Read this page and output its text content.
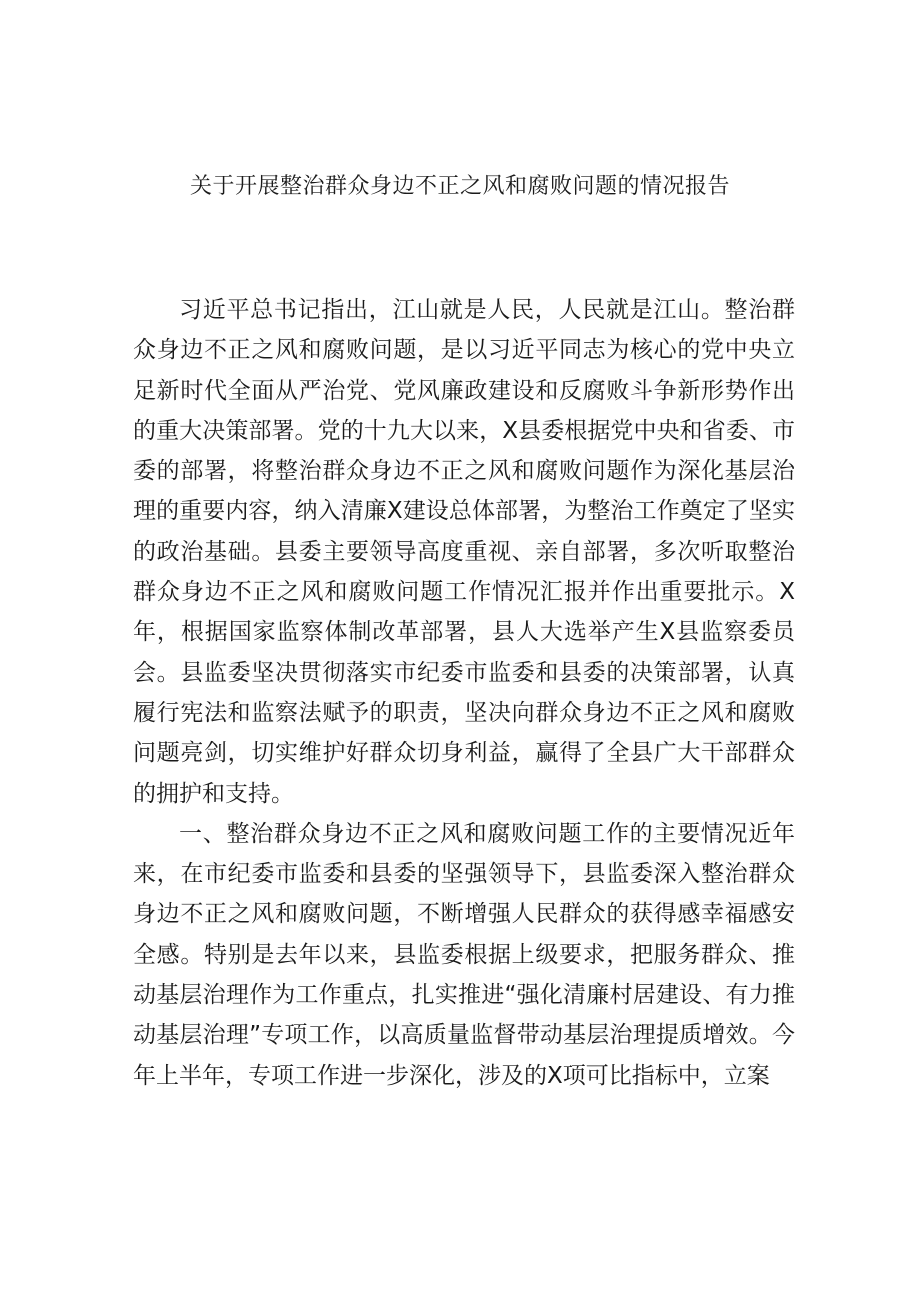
关于开展整治群众身边不正之风和腐败问题的情况报告

习近平总书记指出，江山就是人民，人民就是江山。整治群众身边不正之风和腐败问题，是以习近平同志为核心的党中央立足新时代全面从严治党、党风廉政建设和反腐败斗争新形势作出的重大决策部署。党的十九大以来，X县委根据党中央和省委、市委的部署，将整治群众身边不正之风和腐败问题作为深化基层治理的重要内容，纳入清廉X建设总体部署，为整治工作奠定了坚实的政治基础。县委主要领导高度重视、亲自部署，多次听取整治群众身边不正之风和腐败问题工作情况汇报并作出重要批示。X年，根据国家监察体制改革部署，县人大选举产生X县监察委员会。县监委坚决贯彻落实市纪委市监委和县委的决策部署，认真履行宪法和监察法赋予的职责，坚决向群众身边不正之风和腐败问题亮剑，切实维护好群众切身利益，赢得了全县广大干部群众的拥护和支持。

一、整治群众身边不正之风和腐败问题工作的主要情况近年来，在市纪委市监委和县委的坚强领导下，县监委深入整治群众身边不正之风和腐败问题，不断增强人民群众的获得感幸福感安全感。特别是去年以来，县监委根据上级要求，把服务群众、推动基层治理作为工作重点，扎实推进“强化清廉村居建设、有力推动基层治理”专项工作，以高质量监督带动基层治理提质增效。今年上半年，专项工作进一步深化，涉及的X项可比指标中，立案
